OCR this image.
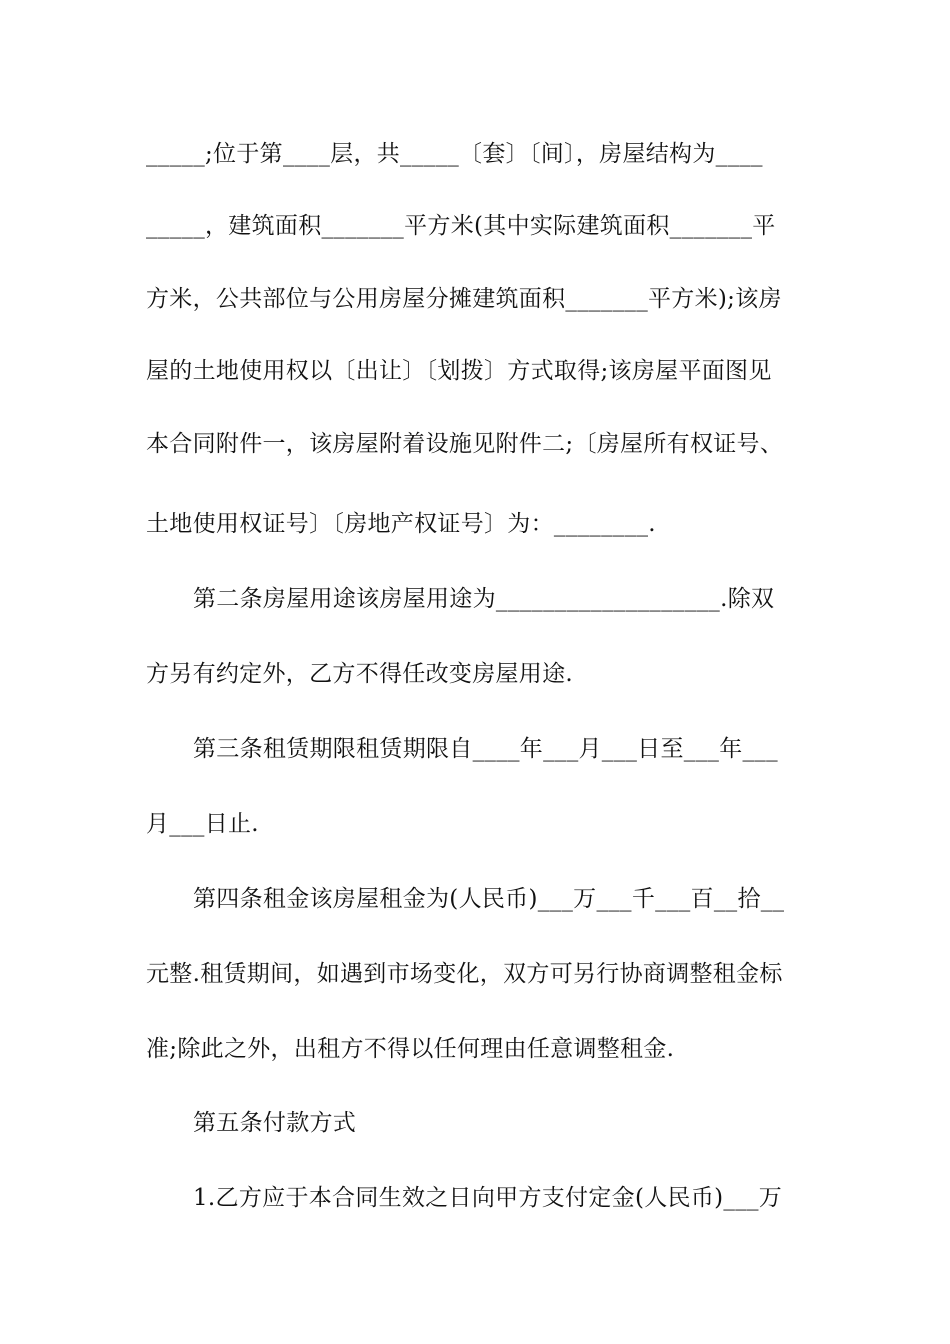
_____;位于第____层，共_____〔套〕〔间〕，房屋结构为____
_____，建筑面积_______平方米(其中实际建筑面积_______平
方米，公共部位与公用房屋分摊建筑面积_______平方米);该房
屋的土地使用权以〔出让〕〔划拨〕方式取得;该房屋平面图见
本合同附件一，该房屋附着设施见附件二;〔房屋所有权证号、
土地使用权证号〕〔房地产权证号〕为：________.
第二条房屋用途该房屋用途为___________________.除双
方另有约定外，乙方不得任改变房屋用途.
第三条租赁期限租赁期限自____年___月___日至___年___
月___日止.
第四条租金该房屋租金为(人民币)___万___千___百__拾__
元整.租赁期间，如遇到市场变化，双方可另行协商调整租金标
准;除此之外，出租方不得以任何理由任意调整租金.
第五条付款方式
1.乙方应于本合同生效之日向甲方支付定金(人民币)___万
